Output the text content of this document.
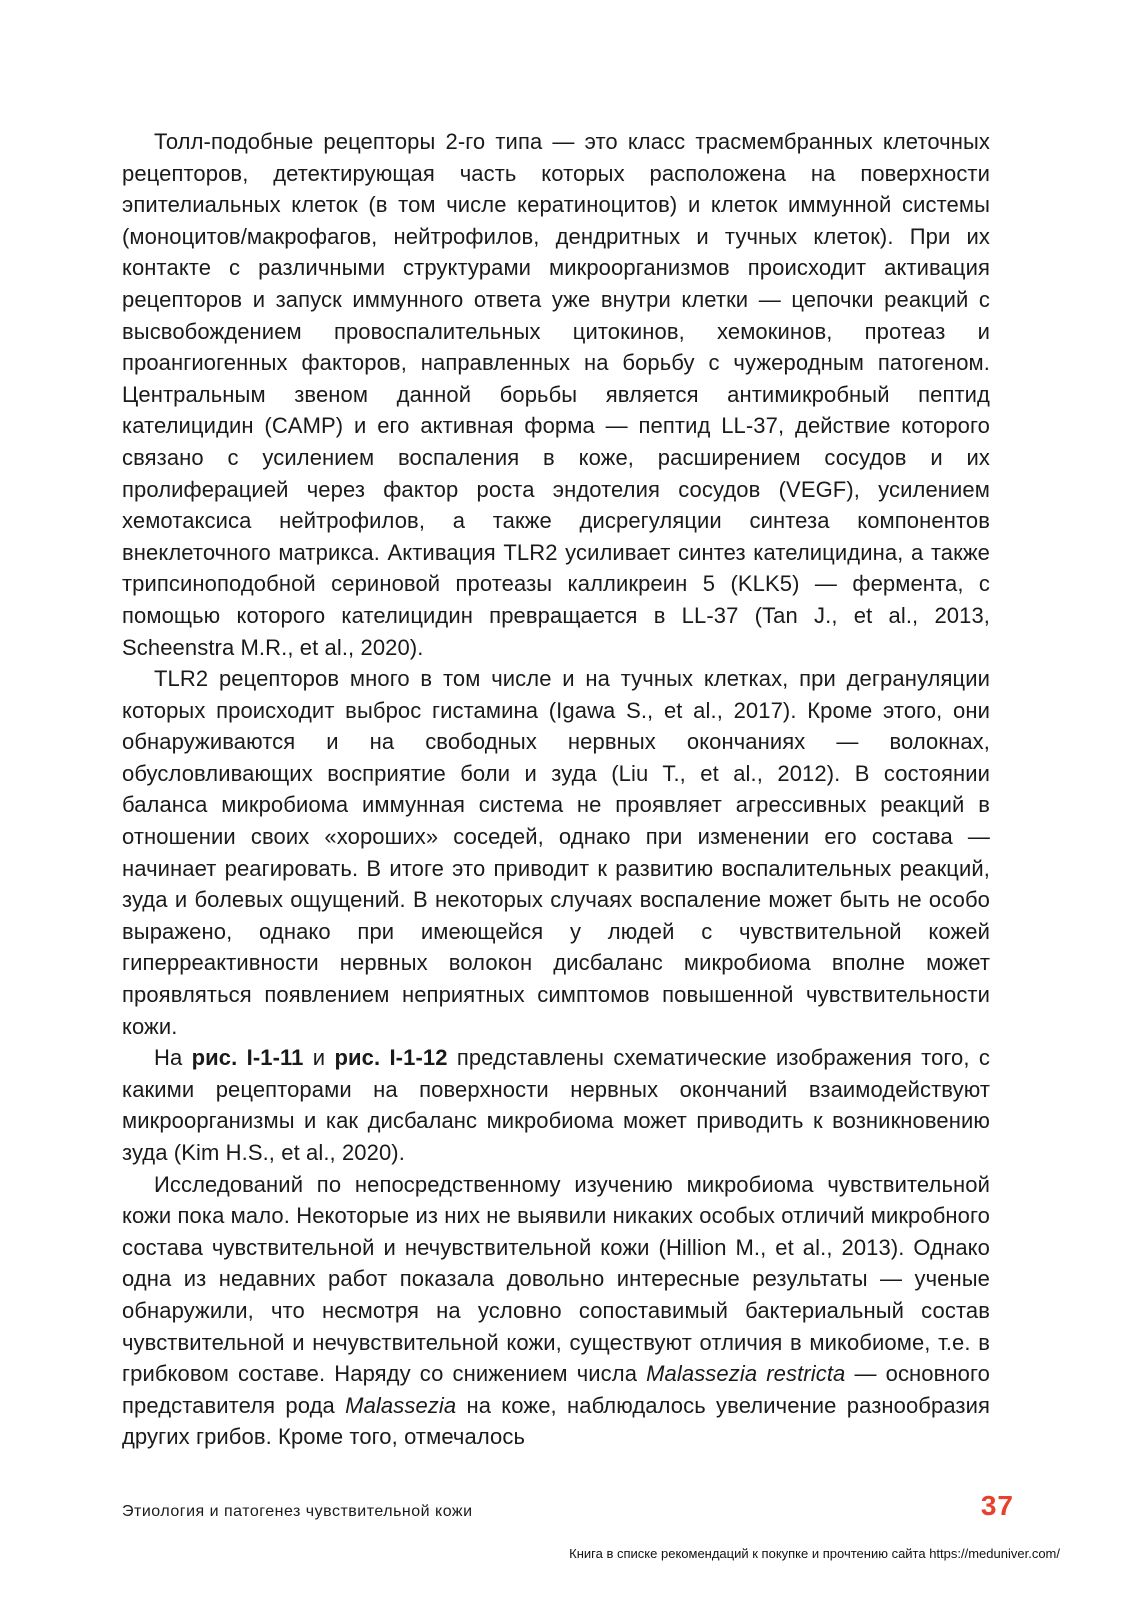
Толл-подобные рецепторы 2-го типа — это класс трасмембранных клеточных рецепторов, детектирующая часть которых расположена на поверхности эпителиальных клеток (в том числе кератиноцитов) и клеток иммунной системы (моноцитов/макрофагов, нейтрофилов, дендритных и тучных клеток). При их контакте с различными структурами микроорганизмов происходит активация рецепторов и запуск иммунного ответа уже внутри клетки — цепочки реакций с высвобождением провоспалительных цитокинов, хемокинов, протеаз и проангиогенных факторов, направленных на борьбу с чужеродным патогеном. Центральным звеном данной борьбы является антимикробный пептид кателицидин (CAMP) и его активная форма — пептид LL-37, действие которого связано с усилением воспаления в коже, расширением сосудов и их пролиферацией через фактор роста эндотелия сосудов (VEGF), усилением хемотаксиса нейтрофилов, а также дисрегуляции синтеза компонентов внеклеточного матрикса. Активация TLR2 усиливает синтез кателицидина, а также трипсиноподобной сериновой протеазы калликреин 5 (KLK5) — фермента, с помощью которого кателицидин превращается в LL-37 (Tan J., et al., 2013, Scheenstra M.R., et al., 2020).

TLR2 рецепторов много в том числе и на тучных клетках, при дегрануляции которых происходит выброс гистамина (Igawa S., et al., 2017). Кроме этого, они обнаруживаются и на свободных нервных окончаниях — волокнах, обусловливающих восприятие боли и зуда (Liu T., et al., 2012). В состоянии баланса микробиома иммунная система не проявляет агрессивных реакций в отношении своих «хороших» соседей, однако при изменении его состава — начинает реагировать. В итоге это приводит к развитию воспалительных реакций, зуда и болевых ощущений. В некоторых случаях воспаление может быть не особо выражено, однако при имеющейся у людей с чувствительной кожей гиперреактивности нервных волокон дисбаланс микробиома вполне может проявляться появлением неприятных симптомов повышенной чувствительности кожи.

На рис. I-1-11 и рис. I-1-12 представлены схематические изображения того, с какими рецепторами на поверхности нервных окончаний взаимодействуют микроорганизмы и как дисбаланс микробиома может приводить к возникновению зуда (Kim H.S., et al., 2020).

Исследований по непосредственному изучению микробиома чувствительной кожи пока мало. Некоторые из них не выявили никаких особых отличий микробного состава чувствительной и нечувствительной кожи (Hillion M., et al., 2013). Однако одна из недавних работ показала довольно интересные результаты — ученые обнаружили, что несмотря на условно сопоставимый бактериальный состав чувствительной и нечувствительной кожи, существуют отличия в микобиоме, т.е. в грибковом составе. Наряду со снижением числа Malassezia restricta — основного представителя рода Malassezia на коже, наблюдалось увеличение разнообразия других грибов. Кроме того, отмечалось

Этиология и патогенез чувствительной кожи	37
Книга в списке рекомендаций к покупке и прочтению сайта https://meduniver.com/
